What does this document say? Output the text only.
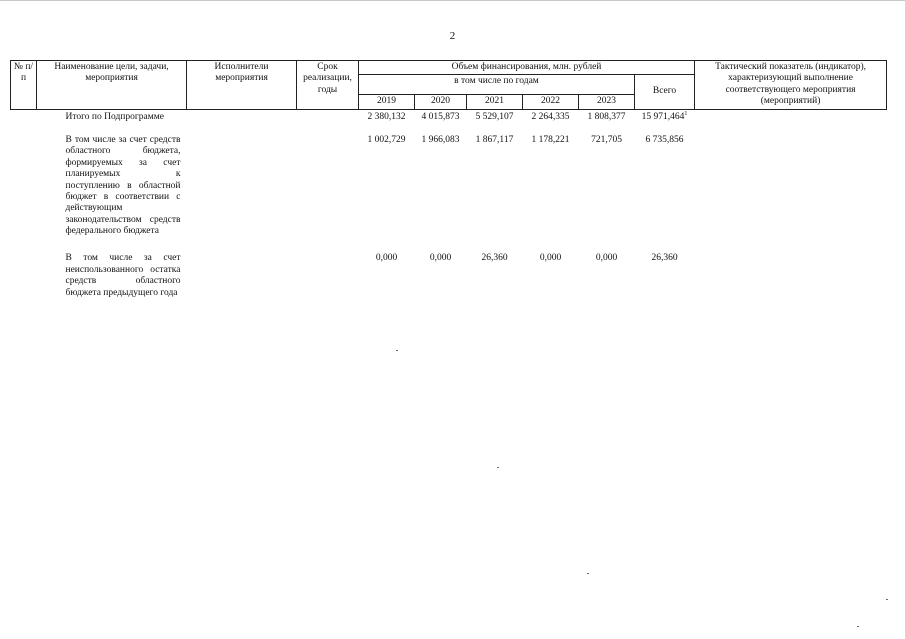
2
№ п/п	Наименование цели, задачи, мероприятия	Исполнители мероприятия	Срок реализации, годы	Объем финансирования, млн. рублей						Тактический показатель (индикатор), характеризующий выполнение соответствующего мероприятия (мероприятий)
				в том числе по годам					Всего	
				2019	2020	2021	2022	2023		
	Итого по Подпрограмме			2 380,132	4 015,873	5 529,107	2 264,335	1 808,377	15 971,464$^1$	

	В том числе за счет средств областного бюджета, формируемых за счет планируемых к поступлению в областной бюджет в соответствии с действующим законодательством средств федерального бюджета			1 002,729	1 966,083	1 867,117	1 178,221	721,705	6 735,856	

	В том числе за счет неиспользованного остатка средств областного бюджета предыдущего года			0,000	0,000	26,360	0,000	0,000	26,360	
